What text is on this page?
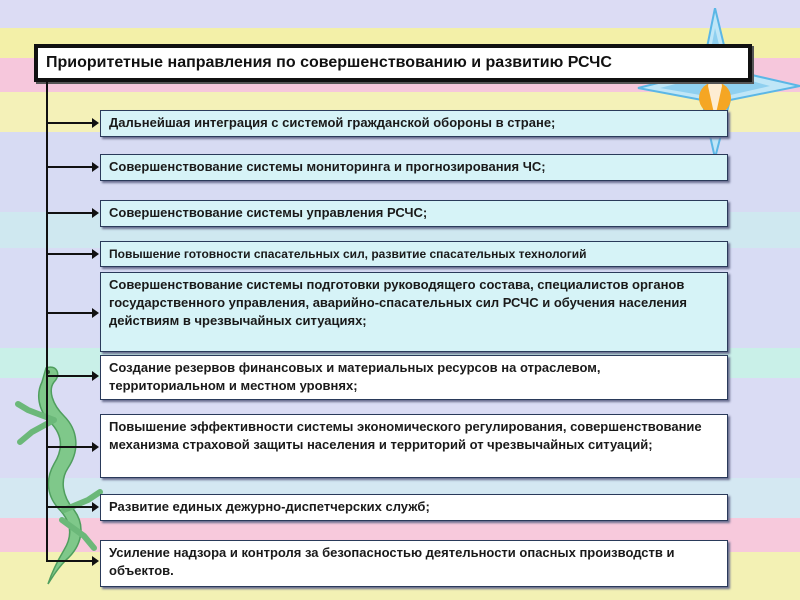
Приоритетные направления по совершенствованию и развитию РСЧС
Дальнейшая интеграция с системой гражданской обороны в стране;
Совершенствование системы мониторинга и прогнозирования ЧС;
Совершенствование системы управления РСЧС;
Повышение готовности спасательных сил, развитие спасательных технологий
Совершенствование системы подготовки руководящего состава, специалистов органов государственного управления, аварийно-спасательных сил РСЧС и обучения населения действиям в чрезвычайных ситуациях;
Создание резервов финансовых и материальных ресурсов на отраслевом, территориальном и местном уровнях;
Повышение эффективности системы экономического регулирования, совершенствование механизма страховой защиты населения и территорий от чрезвычайных ситуаций;
Развитие единых дежурно-диспетчерских служб;
Усиление надзора и контроля за безопасностью деятельности опасных производств и объектов.
